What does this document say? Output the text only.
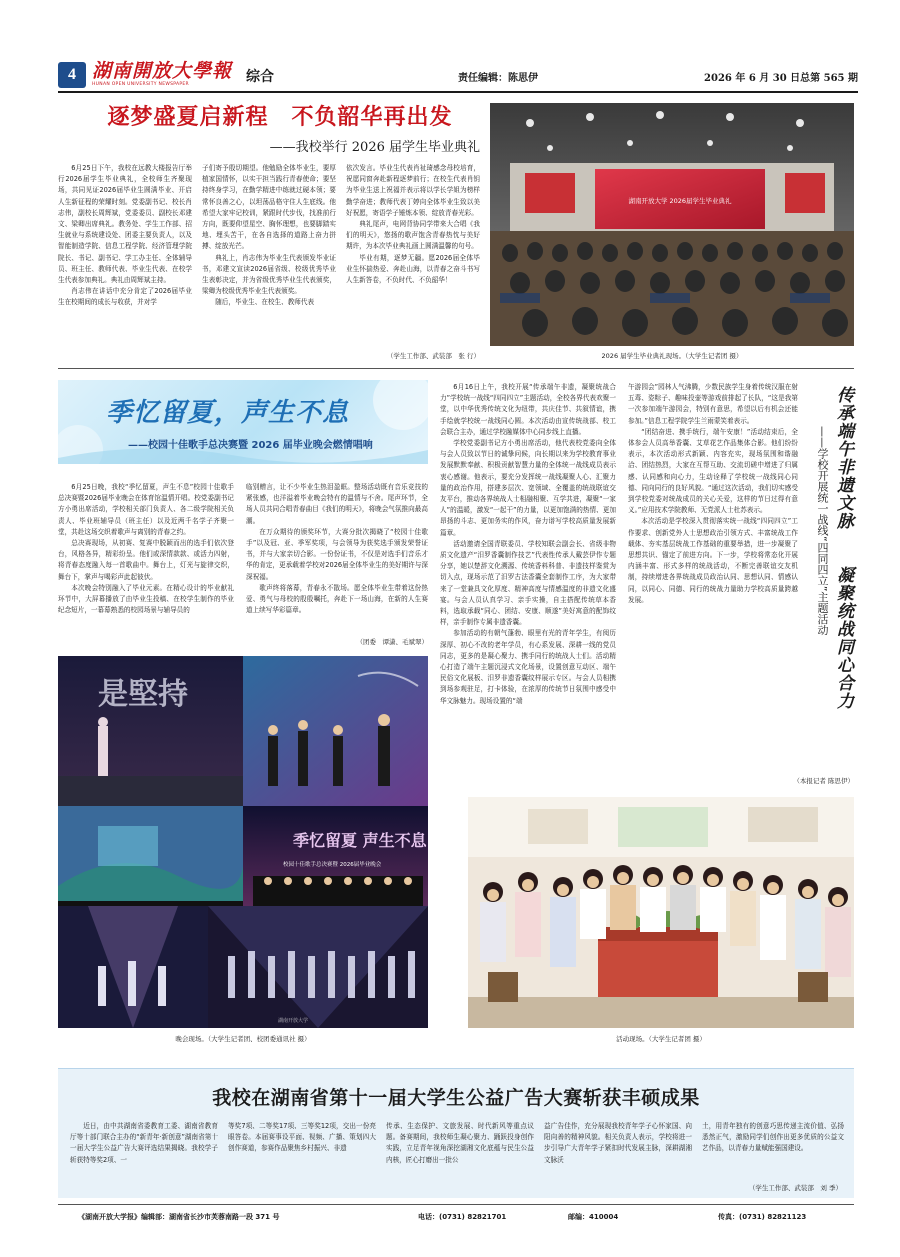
4 湖南開放大學報
HUNAN OPEN UNIVERSITY NEWSPAPER	综合	责任编辑：陈思伊	2026 年 6 月 30 日总第 565 期
逐梦盛夏启新程　不负韶华再出发
——我校举行 2026 届学生毕业典礼

6月25日下午，我校在远教大楼报告厅举行2026届学生毕业典礼，全校师生齐聚现场，共同见证2026届毕业生圆满毕业、开启人生新征程的荣耀时刻。党委副书记、校长肖志伟，副校长周辉斌，党委委员、副校长邓建文、梁卿出席典礼。教务处、学生工作部、招生就业与系统建设处、团委主要负责人，以及智能制造学院、信息工程学院、经济管理学院院长、书记、副书记、学工办主任、全体辅导员、班主任、教师代表、毕业生代表、在校学生代表参加典礼。典礼由周辉斌主持。

肖志伟在讲话中充分肯定了2026届毕业生在校期间的成长与收获，并对学

子们寄予殷切期望。他勉励全体毕业生，要厚植家国情怀，以实干担当践行青春使命；要坚持终身学习，在勤学精进中练就过硬本领；要常怀良善之心，以坦荡品格守住人生底线。他希望大家牢记校训，紧跟时代步伐，找准前行方向，既要仰望星空、胸怀理想，也要脚踏实地、埋头苦干，在各自选择的道路上奋力拼搏、绽放光芒。

典礼上，肖志伟为毕业生代表颁发毕业证书，邓建文宣读2026届省级、校级优秀毕业生表彰决定，并为省级优秀毕业生代表颁奖，梁卿为校级优秀毕业生代表颁奖。

随后，毕业生、在校生、教师代表

依次发言。毕业生代表肖祉琦感念母校培育，祝愿同窗奔赴新程逐梦前行；在校生代表肖钥为毕业生送上祝福并表示将以学长学姐为榜样勤学奋进；教师代表丁婷向全体毕业生致以美好祝愿，寄语学子锤炼本领、绽放青春光彩。

典礼尾声，电网背协同学带来大合唱《我们的明天》，悠扬的歌声饱含青春热忱与美好期许，为本次毕业典礼画上圆满温馨的句号。

毕业有期，逐梦无疆。愿2026届全体毕业生怀揣热爱、奔赴山海，以青春之奋斗书写人生新答卷，不负时代、不负韶华！

（学生工作部、武装部　张 行）
湖南开放大学 2026届学生毕业典礼
2026 届学生毕业典礼现场。（大学生记者团 摄）
季忆留夏，声生不息
——校园十佳歌手总决赛暨 2026 届毕业晚会燃情唱响

6月25日晚，我校“季忆留夏，声生不息”校园十佳歌手总决赛暨2026届毕业晚会在体育馆温情开唱。校党委副书记方小勇出席活动，学校相关部门负责人、各二级学院相关负责人、毕业班辅导员（班主任）以及近两千名学子齐聚一堂，共赴这场交织着歌声与离别的青春之约。

总决赛现场，从初赛、复赛中脱颖而出的选手们依次登台，风格各异，精彩纷呈。他们或深情款款、或活力四射，将青春态度融入每一首歌曲中。舞台上，灯光与旋律交织，舞台下，掌声与喝彩声此起彼伏。

本次晚会特别融入了毕业元素。在精心设计的毕业献礼环节中，大屏幕播放了由毕业生投稿、在校学生制作的毕业纪念短片，一幕幕熟悉的校园场景与辅导员的

临别赠言，让不少毕业生热泪盈眶。整场活动既有音乐竞技的紧张感，也洋溢着毕业晚会特有的温情与不舍。尾声环节，全场人员共同合唱青春曲目《我们的明天》，将晚会气氛推向最高潮。

在万众期待的颁奖环节，大赛分批次揭晓了“校园十佳歌手”以及冠、亚、季军奖项，与会领导为获奖选手颁发荣誉证书，并与大家亲切合影。一份份证书，不仅是对选手们音乐才华的肯定，更承载着学校对2026届全体毕业生的美好期许与深深祝福。

歌声终将落幕，青春永不散场。愿全体毕业生带着这份热爱、勇气与母校的殷殷嘱托，奔赴下一场山海，在新的人生赛道上续写华彩篇章。

（团委　谭潇、毛斌翠）
是堅持
季忆留夏 声生不息
校园十佳歌手总决赛暨 2026届毕业晚会
湖南开放大学
晚会现场。（大学生记者团、校团委通讯社 摄）

6月16日上午，我校开展“传承端午非遗，凝聚统战合力”学校统一战线“四同四立”主题活动，全校各界代表欢聚一堂，以中华优秀传统文化为纽带，共庆佳节、共叙情谊，携手绘就学校统一战线同心圆。本次活动由宣传统战部、校工会联合主办，通过学校融媒体中心同步线上直播。

学校党委副书记方小勇出席活动，他代表校党委向全体与会人员致以节日的诚挚问候，向长期以来为学校教育事业发展默默奉献、积极贡献智慧力量的全体统一战线成员表示衷心感谢。他表示，要充分发挥统一战线凝聚人心、汇聚力量的政治作用，搭建多层次、宽领域、全覆盖的统战联谊交友平台，推动各界统战人士相融相聚、互学共进，凝聚“一家人”的温暖，激发“一起干”的力量，以更加饱满的热情、更加昂扬的斗志、更加务实的作风，奋力谱写学校高质量发展新篇章。

活动邀请全国青联委员、学校知联会副会长、省级非物质文化遗产“汨罗香囊制作技艺”代表性传承人戴芸伊作专题分享，她以楚辞文化溯源、传统香料科普、非遗技样鉴赏为切入点，现场示范了汨罗古法香囊全套制作工序，为大家带来了一堂兼具文化厚度、精神高度与情感温度的非遗文化盛宴。与会人员认真学习、亲手实操，自主搭配传统草本香料，选取承载“同心、团结、安康、顺遂”美好寓意的配饰纹样，亲手制作专属非遗香囊。

参加活动的有朝气蓬勃、眼里有光的青年学生，有阅历深厚、初心不改的老年学员，有心系发展、深耕一线的党员同志，更多的是凝心聚力、携手同行的统战人士们。活动精心打造了端午主题沉浸式文化场景，设置创意互动区、端午民俗文化展板、汨罗非遗香囊纹样展示专区。与会人员相携到场参观驻足，打卡体验，在浓厚的传统节日氛围中感受中华文脉魅力。现场设置的“端

午游园会”园林人气沸腾，少数民族学生身着传统汉服在射五毒、姿粽子、趣味投壶等游戏前排起了长队，“这是我第一次参加端午游园会，特别有意思，希望以后有机会还能参加。”信息工程学院学生兰雨蒙笑着表示。

“团结奋进、携手统行，端午安康！”活动结束后，全体参会人员高举香囊、艾草花艺作品集体合影。他们纷纷表示，本次活动形式新颖、内容充实，现场氛围和谐融洽、团结热烈，大家在互帮互助、交流切磋中增进了归属感、认同感和向心力，生动诠释了学校统一战线同心同德、同向同行的良好风貌。“通过这次活动，我们切实感受到学校党委对统战成员的关心关爱，这样的节日过得有意义。”应用技术学院教师、无党派人士杜苏表示。

本次活动是学校深入贯彻落实统一战线“四同四立”工作要求、创新党外人士思想政治引领方式、丰富统战工作载体、夯实基层统战工作基础的重要举措，进一步凝聚了思想共识、锚定了前进方向。下一步，学校将常态化开展内涵丰富、形式多样的统战活动，不断完善联谊交友机制，持续增进各界统战成员政治认同、思想认同、情感认同，以同心、同德、同行的统战力量助力学校高质量跨越发展。

（本报记者 陈思伊）
传承端午非遗文脉
凝聚统战同心合力
——学校开展统一战线“四同四立”主题活动
活动现场。（大学生记者团 摄）
我校在湖南省第十一届大学生公益广告大赛斩获丰硕成果

近日，由中共湖南省委教育工委、湖南省教育厅等十部门联合主办的“新青年·新创意”湖南省第十一届大学生公益广告大赛评选结果揭晓。我校学子斩获特等奖2项、一

等奖7项、二等奖17项、三等奖12项，交出一份亮眼答卷。本届赛事设平面、视频、广播、策划四大创作赛道，参赛作品聚焦乡村振兴、非遗

传承、生态保护、文旅发展、时代新风等重点议题。备赛期间，我校师生凝心聚力、踊跃投身创作实践，立足青年视角深挖湖湘文化底蕴与民生公益内核，匠心打磨出一批公

益广告佳作，充分展现我校青年学子心怀家国、向阳向善的精神风貌。相关负责人表示，学校将进一步引导广大青年学子紧扣时代发展主脉，深耕湖湘文脉沃

土，用青年独有的创意巧思传递主流价值、弘扬悉然正气，激励同学们创作出更多优质的公益文艺作品，以青春力量赋能强国建设。

（学生工作部、武装部　刘 季）
《湖南开放大学报》编辑部：湖南省长沙市芙蓉南路一段 371 号	电话：(0731) 82821701	邮编：410004	传真：(0731) 82821123
